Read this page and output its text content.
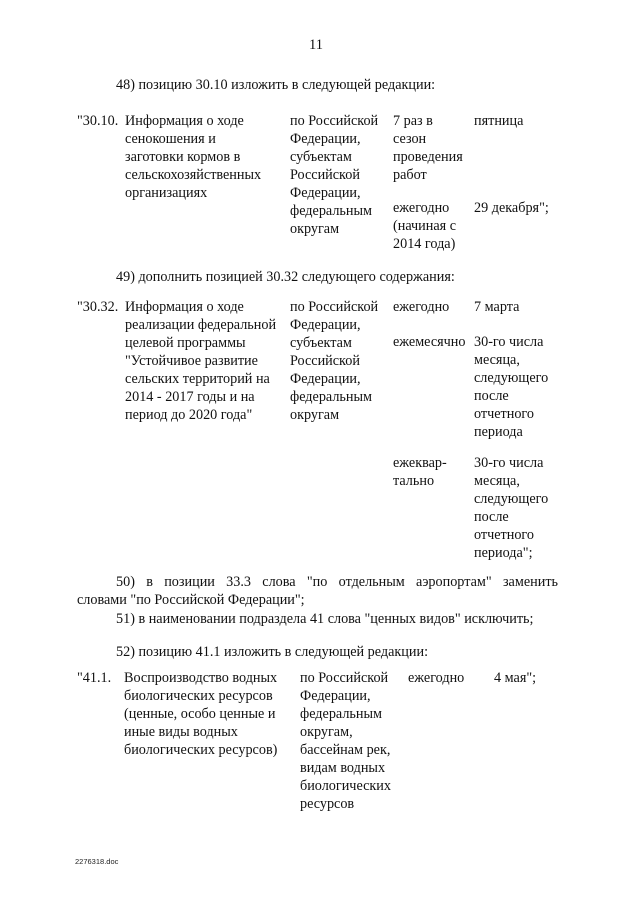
11
48) позицию 30.10 изложить в следующей редакции:
"30.10. Информация о ходе
сенокошения и
заготовки кормов в
сельскохозяйственных
организациях
по Российской
Федерации,
субъектам
Российской
Федерации,
федеральным
округам
7 раз в
сезон
проведения
работ
пятница
ежегодно
(начиная с
2014 года)
29 декабря";
49) дополнить позицией 30.32 следующего содержания:
"30.32. Информация о ходе
реализации федеральной
целевой программы
"Устойчивое развитие
сельских территорий на
2014 - 2017 годы и на
период до 2020 года"
по Российской
Федерации,
субъектам
Российской
Федерации,
федеральным
округам
ежегодно 7 марта
ежемесячно 30-го числа
месяца,
следующего
после
отчетного
периода
ежеквар-
тально
30-го числа
месяца,
следующего
после
отчетного
периода";
50) в позиции 33.3 слова "по отдельным аэропортам" заменить
словами "по Российской Федерации";
51) в наименовании подраздела 41 слова "ценных видов" исключить;
52) позицию 41.1 изложить в следующей редакции:
"41.1. Воспроизводство водных
биологических ресурсов
(ценные, особо ценные и
иные виды водных
биологических ресурсов)
по Российской
Федерации,
федеральным
округам,
бассейнам рек,
видам водных
биологических
ресурсов
ежегодно 4 мая";
2276318.doc
